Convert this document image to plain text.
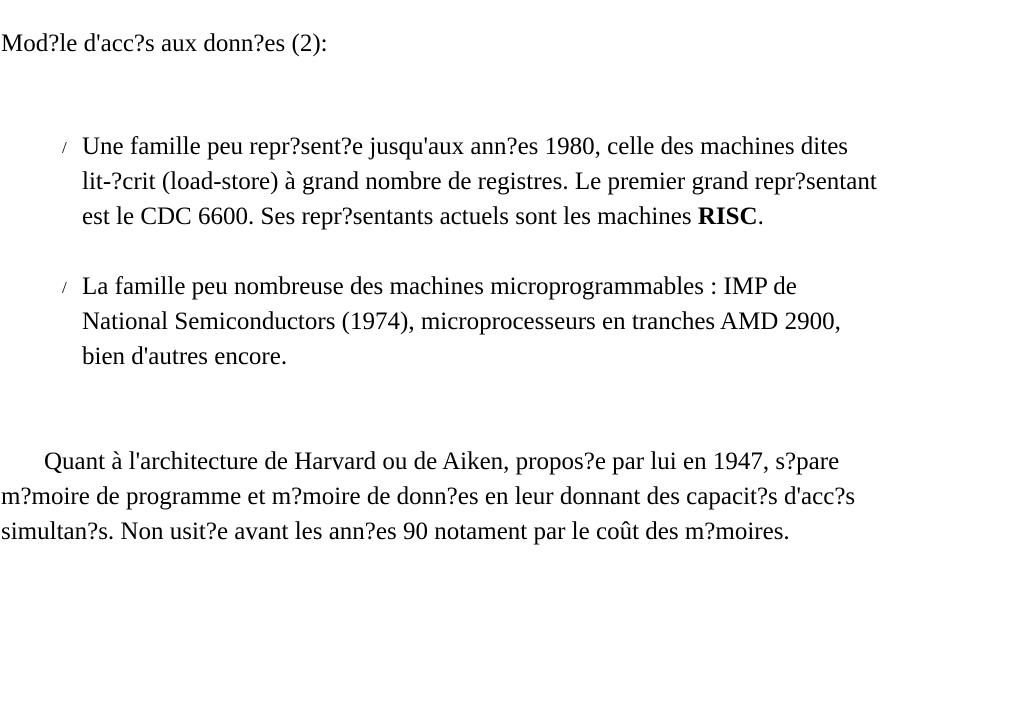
Mod?le d'acc?s aux donn?es (2):
/ Une famille peu repr?sent?e jusqu'aux ann?es 1980, celle des machines dites
lit-?crit (load-store) à grand nombre de registres. Le premier grand repr?sentant
est le CDC 6600. Ses repr?sentants actuels sont les machines RISC.
/ La famille peu nombreuse des machines microprogrammables : IMP de
National Semiconductors (1974), microprocesseurs en tranches AMD 2900,
bien d'autres encore.

Quant à l'architecture de Harvard ou de Aiken, propos?e par lui en 1947, s?pare
m?moire de programme et m?moire de donn?es en leur donnant des capacit?s d'acc?s
simultan?s. Non usit?e avant les ann?es 90 notament par le coût des m?moires.
